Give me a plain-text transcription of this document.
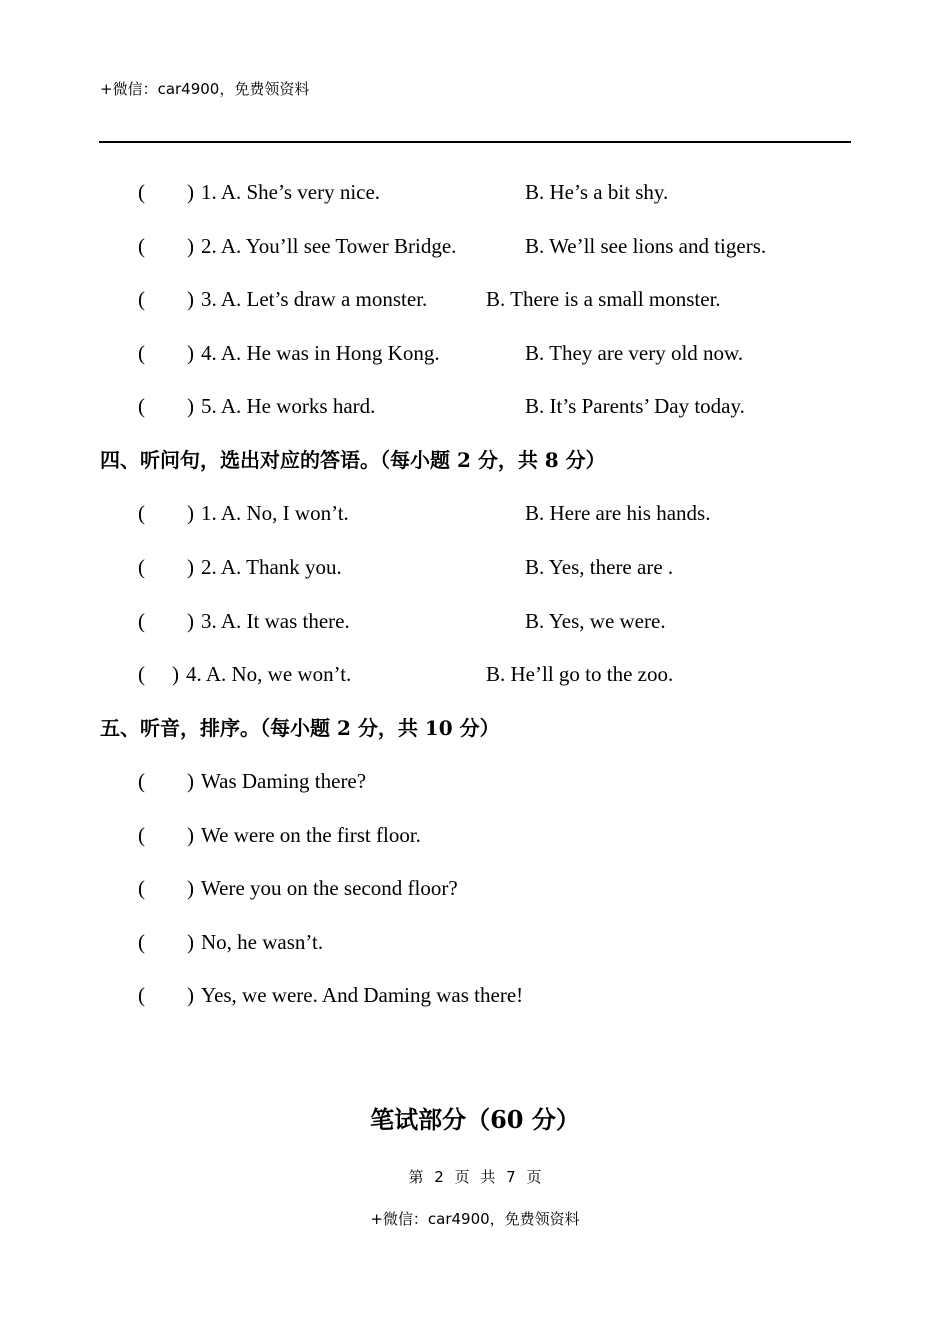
+微信：car4900，免费领资料
( ) 1. A. She’s very nice.	B. He’s a bit shy.
( ) 2. A. You’ll see Tower Bridge.	B. We’ll see lions and tigers.
( ) 3. A. Let’s draw a monster.	B. There is a small monster.
( ) 4. A. He was in Hong Kong.	B. They are very old now.
( ) 5. A. He works hard.	B. It’s Parents’ Day today.
四、听问句，选出对应的答语。（每小题 2 分，共 8 分）
( ) 1. A. No, I won’t.	B. Here are his hands.
( ) 2. A. Thank you.	B. Yes, there are .
( ) 3. A. It was there.	B. Yes, we were.
( ) 4. A. No, we won’t.	B. He’ll go to the zoo.
五、听音，排序。（每小题 2 分，共 10 分）
( ) Was Daming there?
( ) We were on the first floor.
( ) Were you on the second floor?
( ) No, he wasn’t.
( ) Yes, we were. And Daming was there!
笔试部分（60 分）
第 2 页 共 7 页
+微信：car4900，免费领资料
